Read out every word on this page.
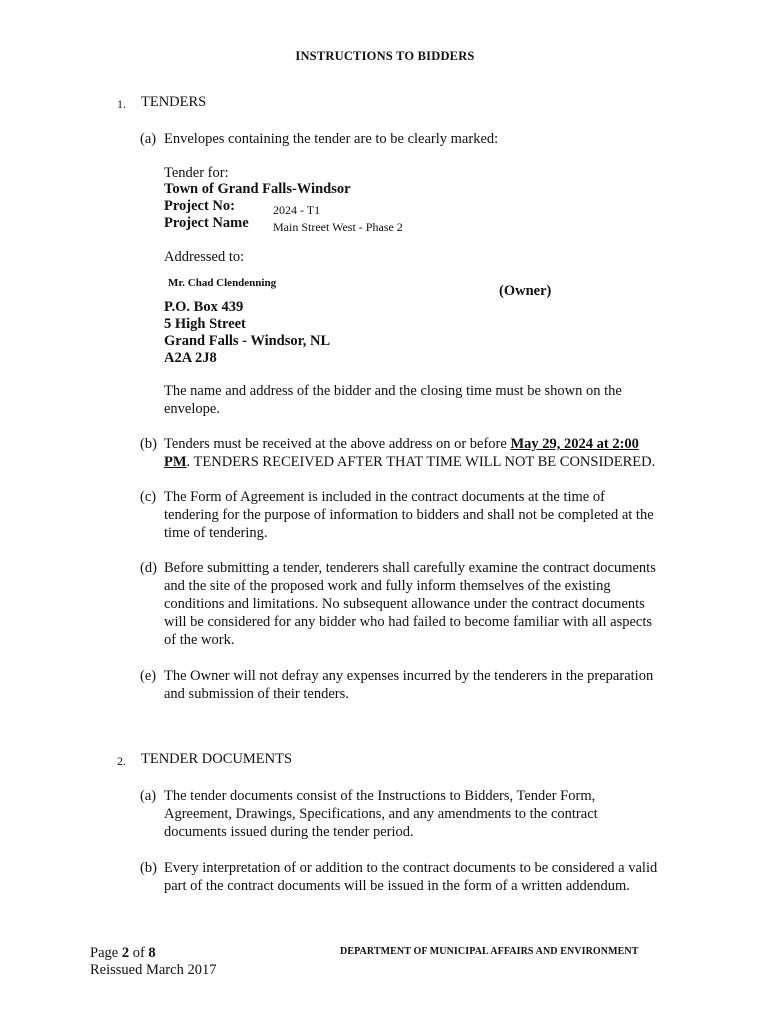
INSTRUCTIONS TO BIDDERS
1. TENDERS
(a) Envelopes containing the tender are to be clearly marked:
Tender for:
Town of Grand Falls-Windsor
Project No:	2024 - T1
Project Name Main Street West - Phase 2
Addressed to:
Mr. Chad Clendenning	(Owner)
P.O. Box 439
5 High Street
Grand Falls - Windsor, NL
A2A 2J8
The name and address of the bidder and the closing time must be shown on the
envelope.
(b) Tenders must be received at the above address on or before May 29, 2024 at 2:00
PM. TENDERS RECEIVED AFTER THAT TIME WILL NOT BE CONSIDERED.
(c) The Form of Agreement is included in the contract documents at the time of
tendering for the purpose of information to bidders and shall not be completed at the
time of tendering.
(d) Before submitting a tender, tenderers shall carefully examine the contract documents
and the site of the proposed work and fully inform themselves of the existing
conditions and limitations. No subsequent allowance under the contract documents
will be considered for any bidder who had failed to become familiar with all aspects
of the work.
(e) The Owner will not defray any expenses incurred by the tenderers in the preparation
and submission of their tenders.
2. TENDER DOCUMENTS
(a) The tender documents consist of the Instructions to Bidders, Tender Form,
Agreement, Drawings, Specifications, and any amendments to the contract
documents issued during the tender period.
(b) Every interpretation of or addition to the contract documents to be considered a valid
part of the contract documents will be issued in the form of a written addendum.
Page 2 of 8
Reissued March 2017
DEPARTMENT OF MUNICIPAL AFFAIRS AND ENVIRONMENT
